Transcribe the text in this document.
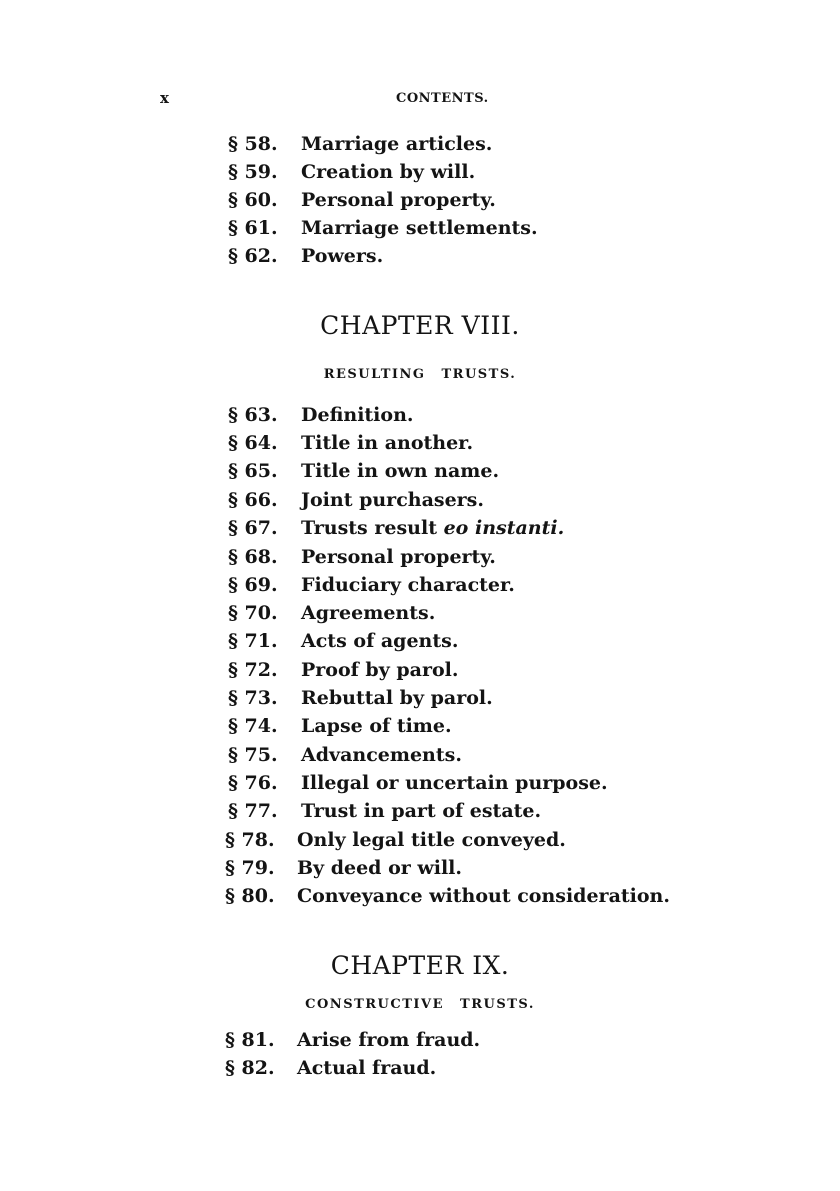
x	CONTENTS.
§ 58. Marriage articles.
§ 59. Creation by will.
§ 60. Personal property.
§ 61. Marriage settlements.
§ 62. Powers.
CHAPTER VIII.
RESULTING TRUSTS.
§ 63. Definition.
§ 64. Title in another.
§ 65. Title in own name.
§ 66. Joint purchasers.
§ 67. Trusts result eo instanti.
§ 68. Personal property.
§ 69. Fiduciary character.
§ 70. Agreements.
§ 71. Acts of agents.
§ 72. Proof by parol.
§ 73. Rebuttal by parol.
§ 74. Lapse of time.
§ 75. Advancements.
§ 76. Illegal or uncertain purpose.
§ 77. Trust in part of estate.
§ 78. Only legal title conveyed.
§ 79. By deed or will.
§ 80. Conveyance without consideration.
CHAPTER IX.
CONSTRUCTIVE TRUSTS.
§ 81. Arise from fraud.
§ 82. Actual fraud.
